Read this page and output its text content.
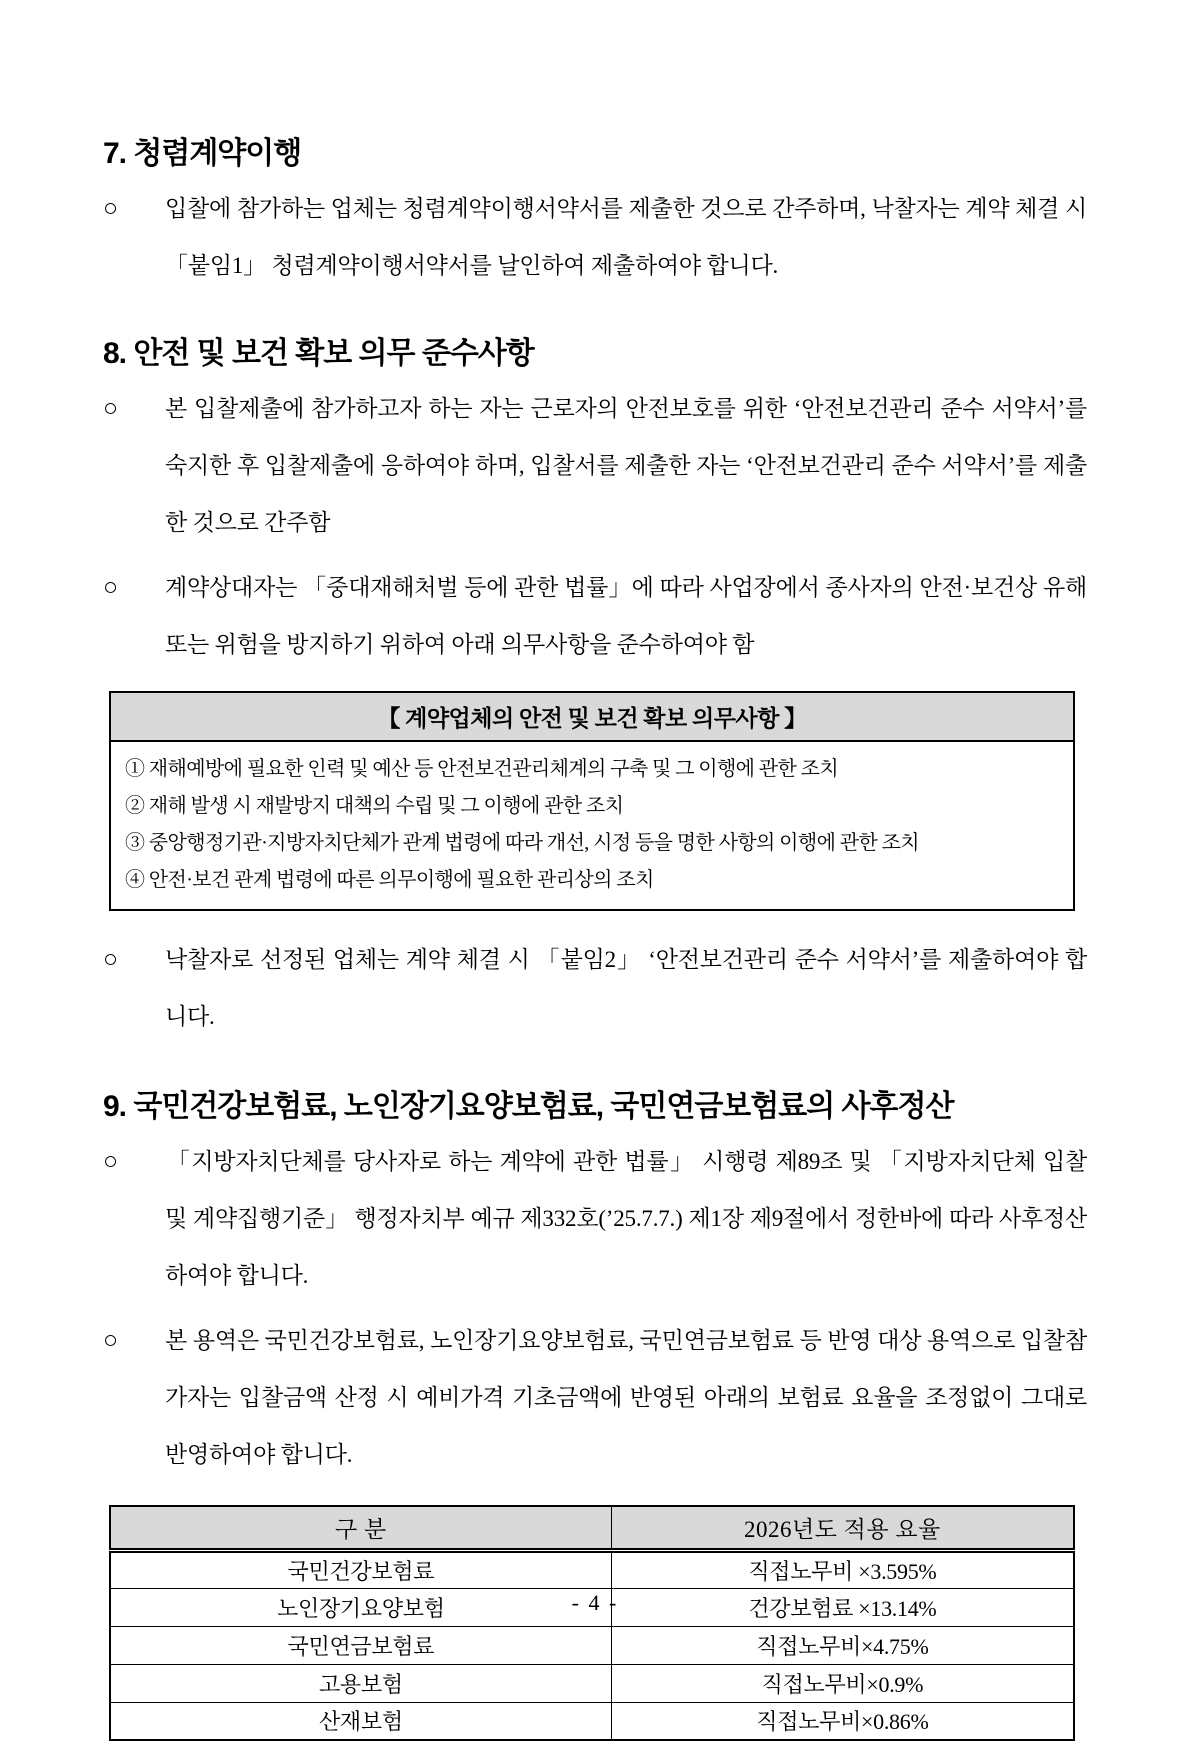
7. 청렴계약이행

○ 입찰에 참가하는 업체는 청렴계약이행서약서를 제출한 것으로 간주하며, 낙찰자는 계약 체결 시 「붙임1」 청렴계약이행서약서를 날인하여 제출하여야 합니다.

8. 안전 및 보건 확보 의무 준수사항

○ 본 입찰제출에 참가하고자 하는 자는 근로자의 안전보호를 위한 ‘안전보건관리 준수 서약서’를 숙지한 후 입찰제출에 응하여야 하며, 입찰서를 제출한 자는 ‘안전보건관리 준수 서약서’를 제출한 것으로 간주함

○ 계약상대자는 「중대재해처벌 등에 관한 법률」에 따라 사업장에서 종사자의 안전·보건상 유해 또는 위험을 방지하기 위하여 아래 의무사항을 준수하여야 함

【 계약업체의 안전 및 보건 확보 의무사항 】
① 재해예방에 필요한 인력 및 예산 등 안전보건관리체계의 구축 및 그 이행에 관한 조치
② 재해 발생 시 재발방지 대책의 수립 및 그 이행에 관한 조치
③ 중앙행정기관·지방자치단체가 관계 법령에 따라 개선, 시정 등을 명한 사항의 이행에 관한 조치
④ 안전·보건 관계 법령에 따른 의무이행에 필요한 관리상의 조치

○ 낙찰자로 선정된 업체는 계약 체결 시 「붙임2」 ‘안전보건관리 준수 서약서’를 제출하여야 합니다.

9. 국민건강보험료, 노인장기요양보험료, 국민연금보험료의 사후정산

○ 「지방자치단체를 당사자로 하는 계약에 관한 법률」 시행령 제89조 및 「지방자치단체 입찰 및 계약집행기준」 행정자치부 예규 제332호(’25.7.7.) 제1장 제9절에서 정한바에 따라 사후정산 하여야 합니다.

○ 본 용역은 국민건강보험료, 노인장기요양보험료, 국민연금보험료 등 반영 대상 용역으로 입찰참가자는 입찰금액 산정 시 예비가격 기초금액에 반영된 아래의 보험료 요율을 조정없이 그대로 반영하여야 합니다.

구 분	2026년도 적용 요율
국민건강보험료	직접노무비 ×3.595%
노인장기요양보험	건강보험료 ×13.14%
국민연금보험료	직접노무비×4.75%
고용보험	직접노무비×0.9%
산재보험	직접노무비×0.86%
- 4 -
